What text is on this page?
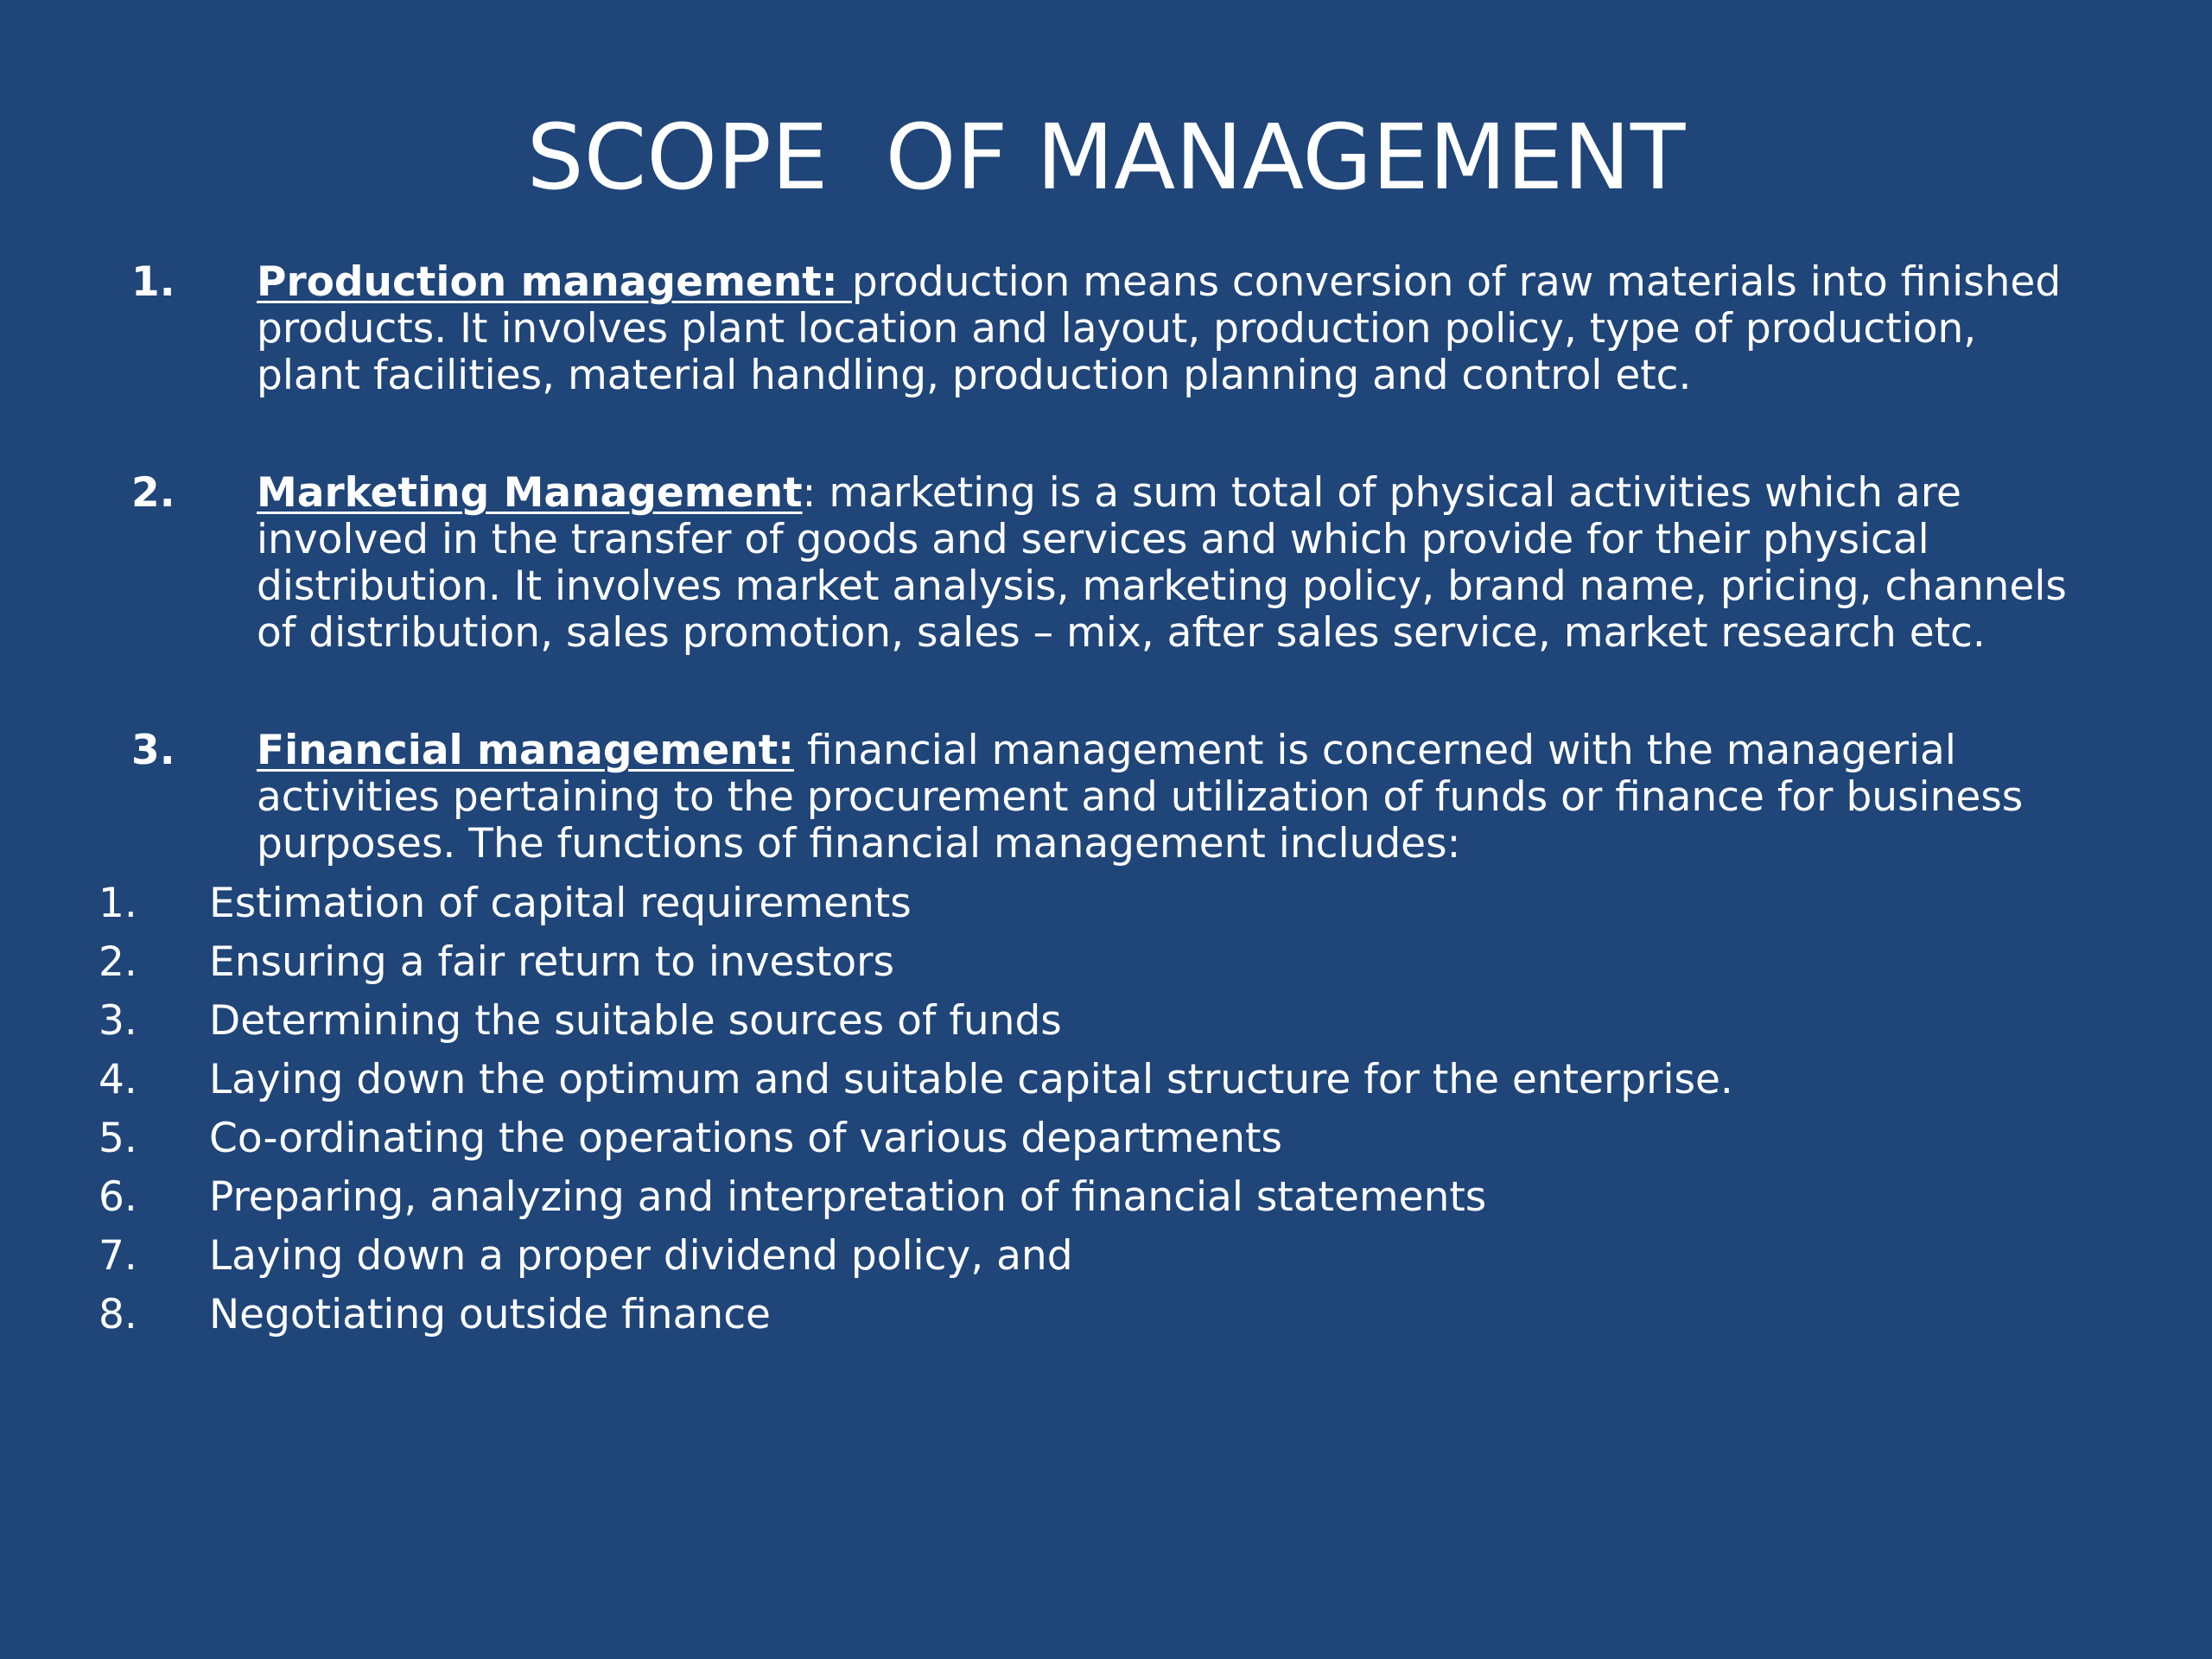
SCOPE  OF MANAGEMENT
1. Production management: production means conversion of raw materials into finished products. It involves plant location and layout, production policy, type of production, plant facilities, material handling, production planning and control etc.
2. Marketing Management: marketing is a sum total of physical activities which are involved in the transfer of goods and services and which provide for their physical distribution. It involves market analysis, marketing policy, brand name, pricing, channels of distribution, sales promotion, sales – mix, after sales service, market research etc.
3. Financial management: financial management is concerned with the managerial activities pertaining to the procurement and utilization of funds or finance for business purposes. The functions of financial management includes:
1. Estimation of capital requirements
2. Ensuring a fair return to investors
3. Determining the suitable sources of funds
4. Laying down the optimum and suitable capital structure for the enterprise.
5. Co-ordinating the operations of various departments
6. Preparing, analyzing and interpretation of financial statements
7. Laying down a proper dividend policy, and
8. Negotiating outside finance
